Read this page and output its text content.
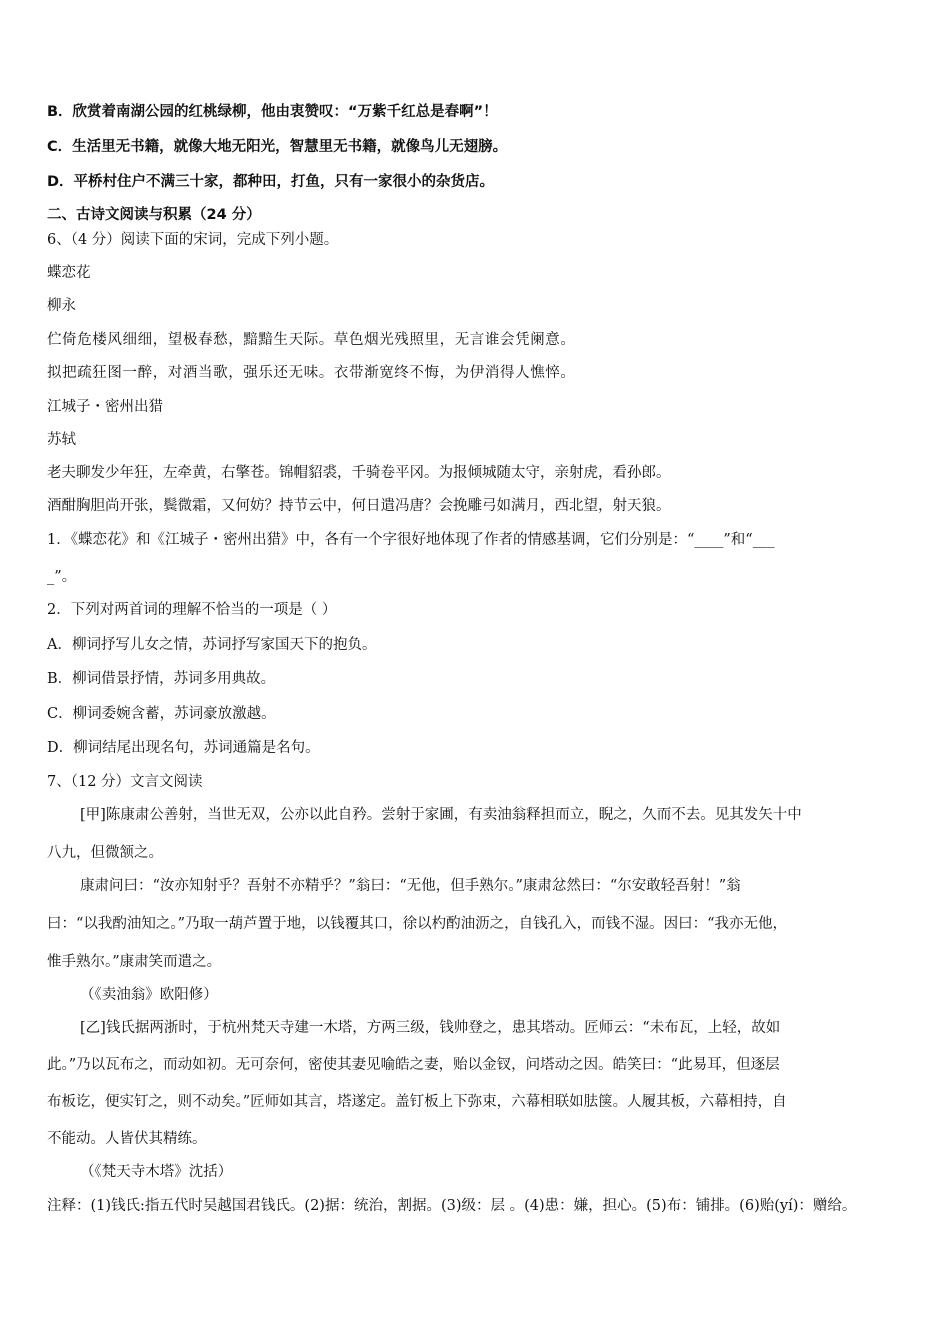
B．欣赏着南湖公园的红桃绿柳，他由衷赞叹：“万紫千红总是春啊”！
C．生活里无书籍，就像大地无阳光，智慧里无书籍，就像鸟儿无翅膀。
D．平桥村住户不满三十家，都种田，打鱼，只有一家很小的杂货店。
二、古诗文阅读与积累（24 分）
6、（4 分）阅读下面的宋词，完成下列小题。
蝶恋花
柳永
伫倚危楼风细细，望极春愁，黯黯生天际。草色烟光残照里，无言谁会凭阑意。
拟把疏狂图一醉，对酒当歌，强乐还无味。衣带渐宽终不悔，为伊消得人憔悴。
江城子・密州出猎
苏轼
老夫聊发少年狂，左牵黄，右擎苍。锦帽貂裘，千骑卷平冈。为报倾城随太守，亲射虎，看孙郎。
酒酣胸胆尚开张，鬓微霜，又何妨？持节云中，何日遣冯唐？会挽雕弓如满月，西北望，射天狼。
1．《蝶恋花》和《江城子・密州出猎》中，各有一个字很好地体现了作者的情感基调，它们分别是：“____”和“___
_”。
2．下列对两首词的理解不恰当的一项是（ ）
A．柳词抒写儿女之情，苏词抒写家国天下的抱负。
B．柳词借景抒情，苏词多用典故。
C．柳词委婉含蓄，苏词豪放激越。
D．柳词结尾出现名句，苏词通篇是名句。
7、（12 分）文言文阅读
[甲]陈康肃公善射，当世无双，公亦以此自矜。尝射于家圃，有卖油翁释担而立，睨之，久而不去。见其发矢十中
八九，但微颔之。
康肃问曰：“汝亦知射乎？吾射不亦精乎？”翁曰：“无他，但手熟尔。”康肃忿然曰：“尔安敢轻吾射！”翁
曰：“以我酌油知之。”乃取一葫芦置于地，以钱覆其口，徐以杓酌油沥之，自钱孔入，而钱不湿。因曰：“我亦无他，
惟手熟尔。”康肃笑而遣之。
（《卖油翁》欧阳修）
[乙]钱氏据两浙时，于杭州梵天寺建一木塔，方两三级，钱帅登之，患其塔动。匠师云：“未布瓦，上轻，故如
此。”乃以瓦布之，而动如初。无可奈何，密使其妻见喻皓之妻，贻以金钗，问塔动之因。皓笑曰：“此易耳，但逐层
布板讫，便实钉之，则不动矣。”匠师如其言，塔遂定。盖钉板上下弥束，六幕相联如胠箧。人履其板，六幕相持，自
不能动。人皆伏其精练。
（《梵天寺木塔》沈括）
注释：(1)钱氏:指五代时吴越国君钱氏。(2)据：统治，割据。(3)级：层 。(4)患：嫌，担心。(5)布：铺排。(6)贻(yí)：赠给。
